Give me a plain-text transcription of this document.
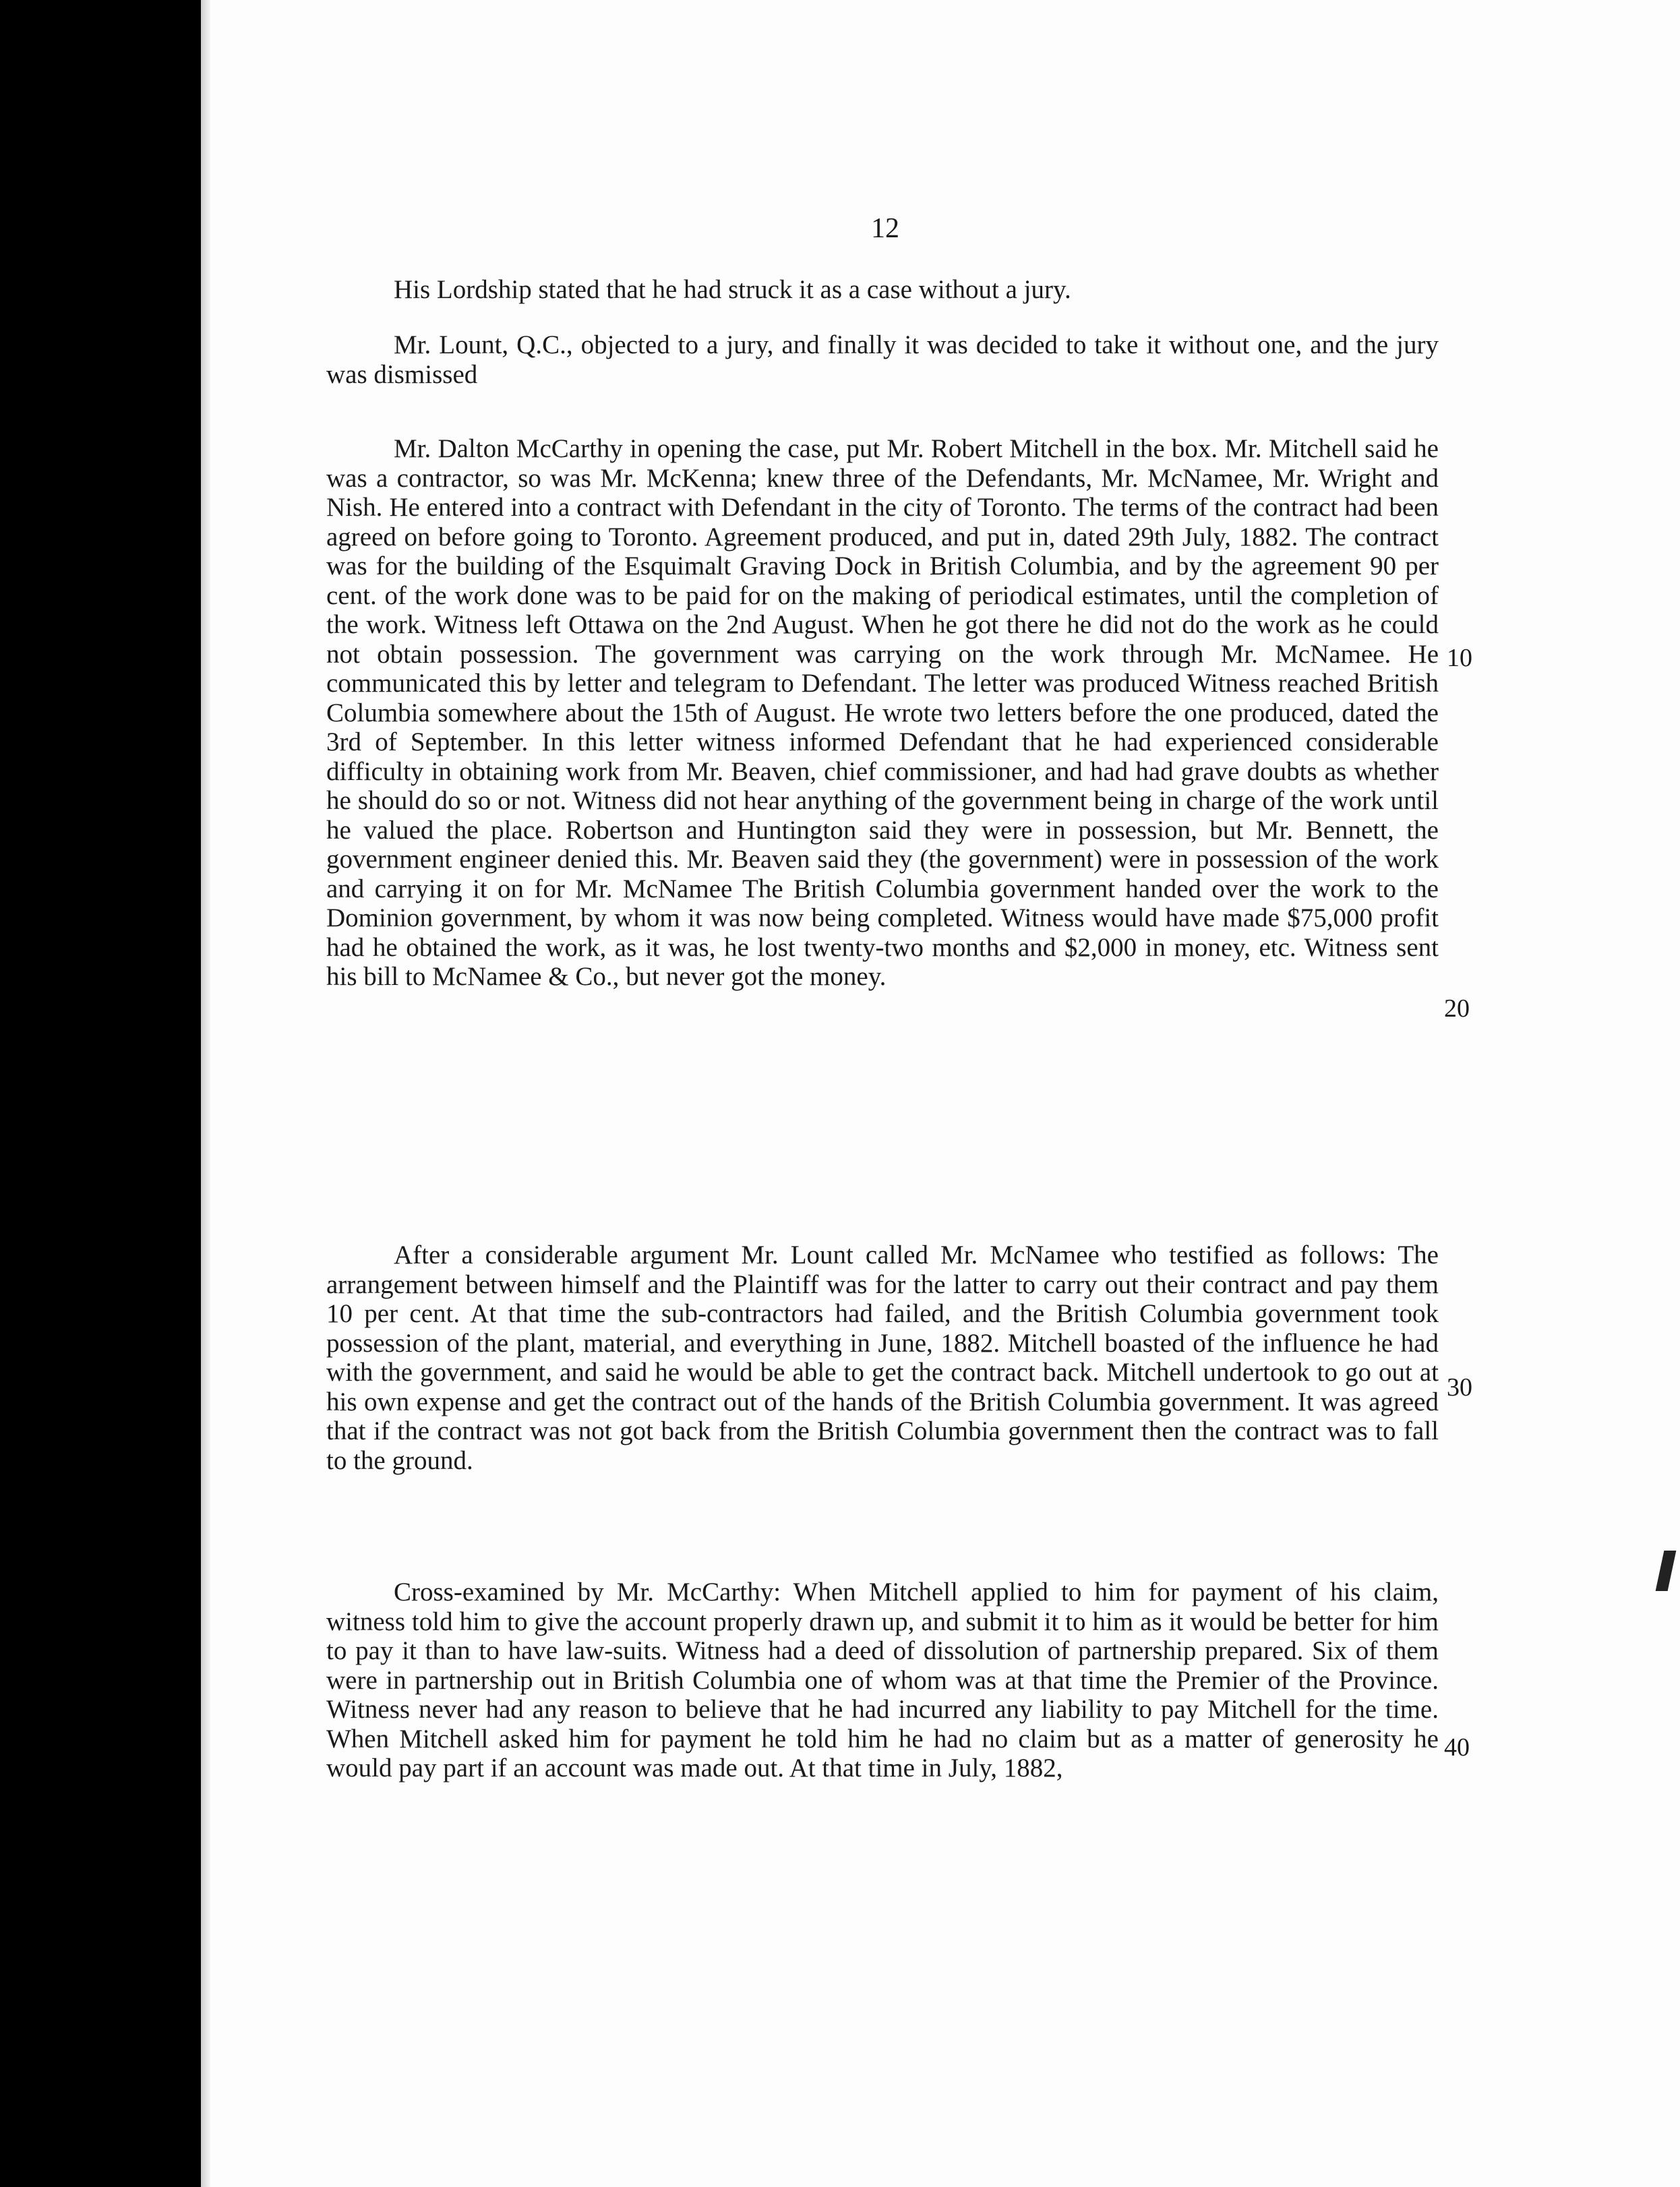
12

His Lordship stated that he had struck it as a case without a jury.

Mr. Lount, Q.C., objected to a jury, and finally it was decided to take it without one, and the jury was dismissed

Mr. Dalton McCarthy in opening the case, put Mr. Robert Mitchell in the box. Mr. Mitchell said he was a contractor, so was Mr. McKenna; knew three of the Defendants, Mr. McNamee, Mr. Wright and Nish. He entered into a contract with Defendant in the city of Toronto. The terms of the contract had been agreed on before going to Toronto. Agreement produced, and put in, dated 29th July, 1882. The contract was for the building of the Esquimalt Graving Dock in British Columbia, and by the agreement 90 per cent. of the work done was to be paid for on the making of periodical estimates, until the completion of the work. Witness left Ottawa on the 2nd August. When he got there he did not do the work as he could not obtain possession. The government was carrying on the work through Mr. McNamee. He communicated this by letter and telegram to Defendant. The letter was produced Witness reached British Columbia somewhere about the 15th of August. He wrote two letters before the one produced, dated the 3rd of September. In this letter witness informed Defendant that he had experienced considerable difficulty in obtaining work from Mr. Beaven, chief commissioner, and had had grave doubts as whether he should do so or not. Witness did not hear anything of the government being in charge of the work until he valued the place. Robertson and Huntington said they were in possession, but Mr. Bennett, the government engineer denied this. Mr. Beaven said they (the government) were in possession of the work and carrying it on for Mr. McNamee The British Columbia government handed over the work to the Dominion government, by whom it was now being completed. Witness would have made $75,000 profit had he obtained the work, as it was, he lost twenty-two months and $2,000 in money, etc. Witness sent his bill to McNamee & Co., but never got the money.

After a considerable argument Mr. Lount called Mr. McNamee who testified as follows: The arrangement between himself and the Plaintiff was for the latter to carry out their contract and pay them 10 per cent. At that time the sub-contractors had failed, and the British Columbia government took possession of the plant, material, and everything in June, 1882. Mitchell boasted of the influence he had with the government, and said he would be able to get the contract back. Mitchell undertook to go out at his own expense and get the contract out of the hands of the British Columbia government. It was agreed that if the contract was not got back from the British Columbia government then the contract was to fall to the ground.

Cross-examined by Mr. McCarthy: When Mitchell applied to him for payment of his claim, witness told him to give the account properly drawn up, and submit it to him as it would be better for him to pay it than to have law-suits. Witness had a deed of dissolution of partnership prepared. Six of them were in partnership out in British Columbia one of whom was at that time the Premier of the Province. Witness never had any reason to believe that he had incurred any liability to pay Mitchell for the time. When Mitchell asked him for payment he told him he had no claim but as a matter of generosity he would pay part if an account was made out. At that time in July, 1882,

10
20
30
40
